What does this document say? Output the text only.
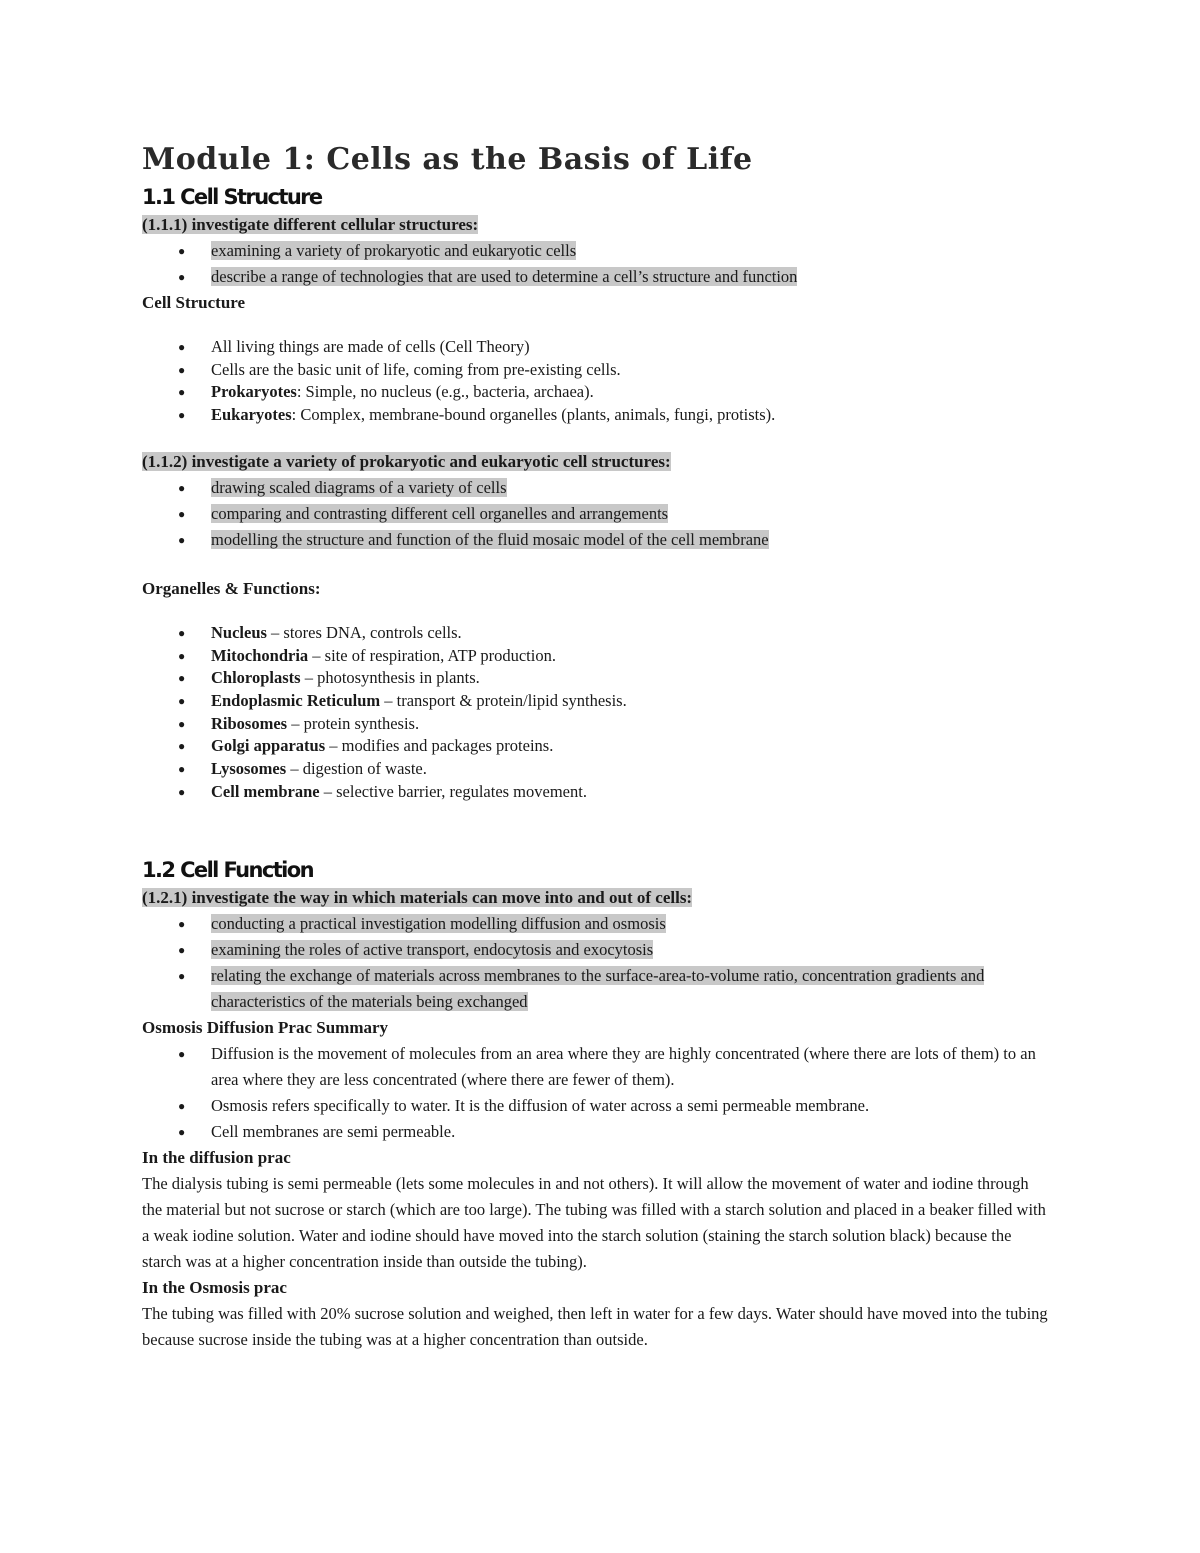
Module 1: Cells as the Basis of Life
1.1 Cell Structure

(1.1.1) investigate different cellular structures:

● examining a variety of prokaryotic and eukaryotic cells
● describe a range of technologies that are used to determine a cell’s structure and function

Cell Structure

● All living things are made of cells (Cell Theory)
● Cells are the basic unit of life, coming from pre-existing cells.
● Prokaryotes: Simple, no nucleus (e.g., bacteria, archaea).
● Eukaryotes: Complex, membrane-bound organelles (plants, animals, fungi, protists).

(1.1.2) investigate a variety of prokaryotic and eukaryotic cell structures:

● drawing scaled diagrams of a variety of cells
● comparing and contrasting different cell organelles and arrangements
● modelling the structure and function of the fluid mosaic model of the cell membrane

Organelles & Functions:

● Nucleus – stores DNA, controls cells.
● Mitochondria – site of respiration, ATP production.
● Chloroplasts – photosynthesis in plants.
● Endoplasmic Reticulum – transport & protein/lipid synthesis.
● Ribosomes – protein synthesis.
● Golgi apparatus – modifies and packages proteins.
● Lysosomes – digestion of waste.
● Cell membrane – selective barrier, regulates movement.
1.2 Cell Function

(1.2.1) investigate the way in which materials can move into and out of cells:

● conducting a practical investigation modelling diffusion and osmosis
● examining the roles of active transport, endocytosis and exocytosis
● relating the exchange of materials across membranes to the surface-area-to-volume ratio, concentration gradients and characteristics of the materials being exchanged

Osmosis Diffusion Prac Summary

● Diffusion is the movement of molecules from an area where they are highly concentrated (where there are lots of them) to an area where they are less concentrated (where there are fewer of them).
● Osmosis refers specifically to water. It is the diffusion of water across a semi permeable membrane.
● Cell membranes are semi permeable.

In the diffusion prac

The dialysis tubing is semi permeable (lets some molecules in and not others). It will allow the movement of water and iodine through the material but not sucrose or starch (which are too large). The tubing was filled with a starch solution and placed in a beaker filled with a weak iodine solution. Water and iodine should have moved into the starch solution (staining the starch solution black) because the starch was at a higher concentration inside than outside the tubing).

In the Osmosis prac

The tubing was filled with 20% sucrose solution and weighed, then left in water for a few days. Water should have moved into the tubing because sucrose inside the tubing was at a higher concentration than outside.
